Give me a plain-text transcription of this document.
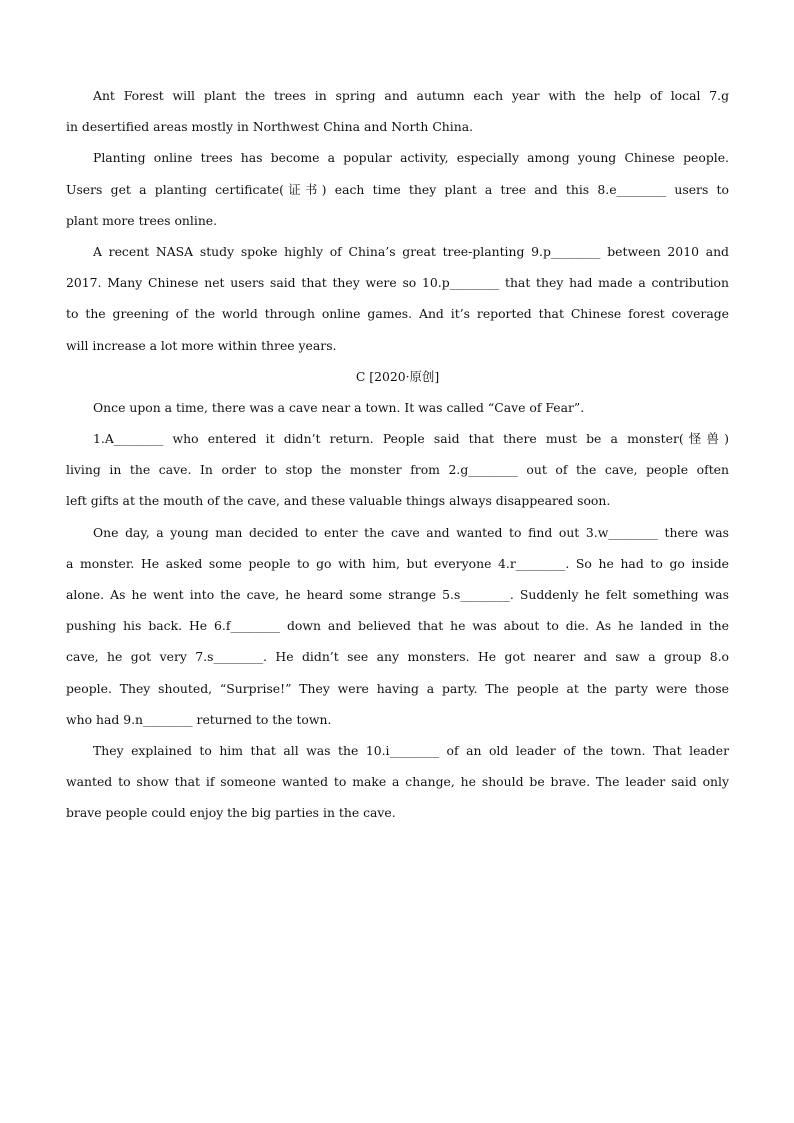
Ant Forest will plant the trees in spring and autumn each year with the help of local 7.g
in desertified areas mostly in Northwest China and North China.
Planting online trees has become a popular activity, especially among young Chinese people.
Users get a planting certificate(证书) each time they plant a tree and this 8.e________ users to
plant more trees online.
A recent NASA study spoke highly of China’s great tree-planting 9.p________ between 2010 and
2017. Many Chinese net users said that they were so 10.p________ that they had made a contribution
to the greening of the world through online games. And it’s reported that Chinese forest coverage
will increase a lot more within three years.
C [2020·原创]
Once upon a time, there was a cave near a town. It was called “Cave of Fear”.
1.A________ who entered it didn’t return. People said that there must be a monster(怪兽)
living in the cave. In order to stop the monster from 2.g________ out of the cave, people often
left gifts at the mouth of the cave, and these valuable things always disappeared soon.
One day, a young man decided to enter the cave and wanted to find out 3.w________ there was
a monster. He asked some people to go with him, but everyone 4.r________. So he had to go inside
alone. As he went into the cave, he heard some strange 5.s________. Suddenly he felt something was
pushing his back. He 6.f________ down and believed that he was about to die. As he landed in the
cave, he got very 7.s________. He didn’t see any monsters. He got nearer and saw a group 8.o
people. They shouted, “Surprise!” They were having a party. The people at the party were those
who had 9.n________ returned to the town.
They explained to him that all was the 10.i________ of an old leader of the town. That leader
wanted to show that if someone wanted to make a change, he should be brave. The leader said only
brave people could enjoy the big parties in the cave.
